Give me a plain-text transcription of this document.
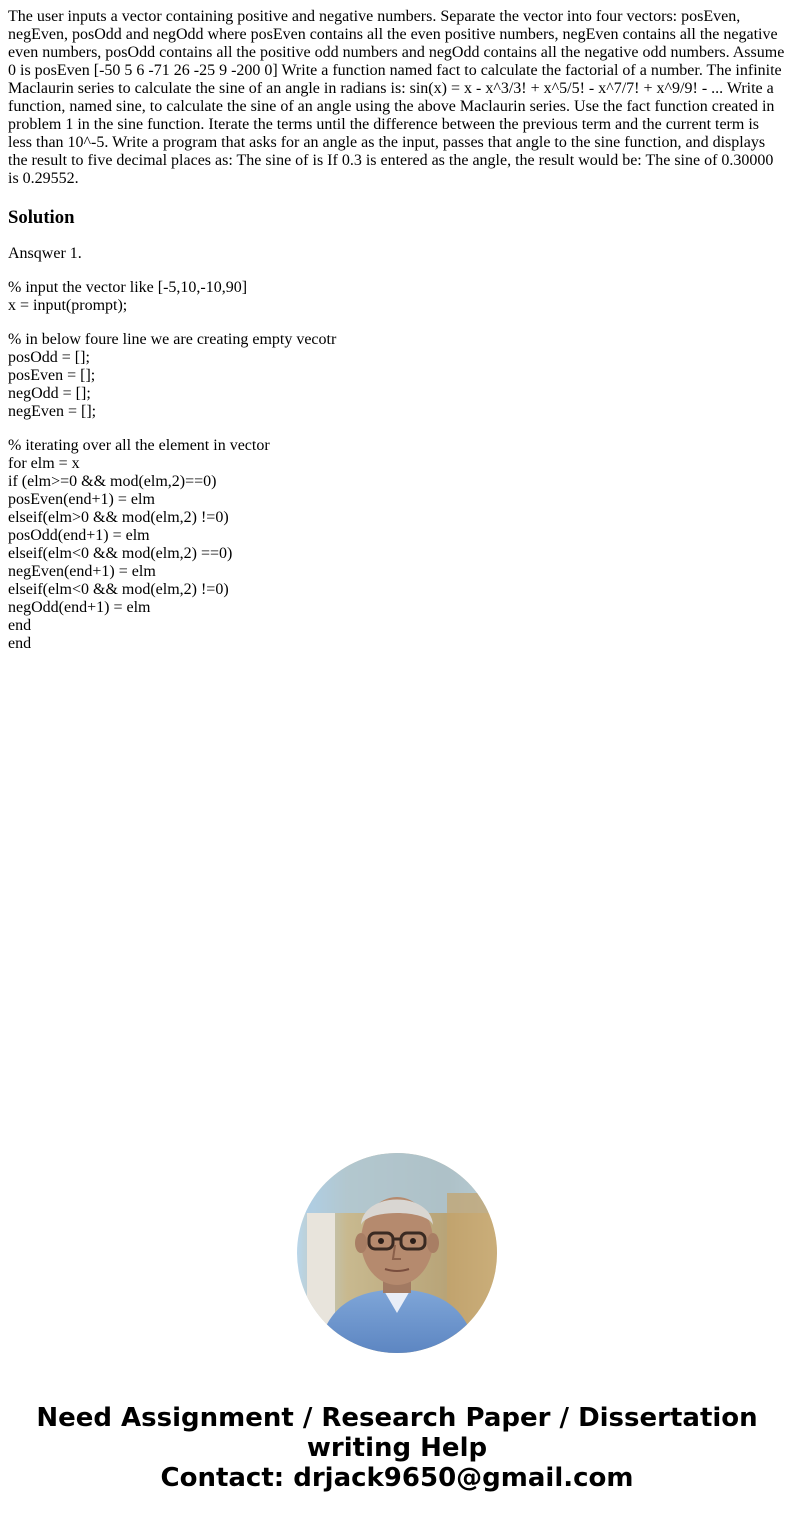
The user inputs a vector containing positive and negative numbers. Separate the vector into four vectors: posEven, negEven, posOdd and negOdd where posEven contains all the even positive numbers, negEven contains all the negative even numbers, posOdd contains all the positive odd numbers and negOdd contains all the negative odd numbers. Assume 0 is posEven [-50 5 6 -71 26 -25 9 -200 0] Write a function named fact to calculate the factorial of a number. The infinite Maclaurin series to calculate the sine of an angle in radians is: sin(x) = x - x^3/3! + x^5/5! - x^7/7! + x^9/9! - ... Write a function, named sine, to calculate the sine of an angle using the above Maclaurin series. Use the fact function created in problem 1 in the sine function. Iterate the terms until the difference between the previous term and the current term is less than 10^-5. Write a program that asks for an angle as the input, passes that angle to the sine function, and displays the result to five decimal places as: The sine of is If 0.3 is entered as the angle, the result would be: The sine of 0.30000 is 0.29552.

Solution

Ansqwer 1.

% input the vector like [-5,10,-10,90]
x = input(prompt);

% in below foure line we are creating empty vecotr
posOdd = [];
posEven = [];
negOdd = [];
negEven = [];

% iterating over all the element in vector
for elm = x
if (elm>=0 && mod(elm,2)==0)
posEven(end+1) = elm
elseif(elm>0 && mod(elm,2) !=0)
posOdd(end+1) = elm
elseif(elm<0 && mod(elm,2) ==0)
negEven(end+1) = elm
elseif(elm<0 && mod(elm,2) !=0)
negOdd(end+1) = elm
end
end

Need Assignment / Research Paper / Dissertation
writing Help
Contact: drjack9650@gmail.com
